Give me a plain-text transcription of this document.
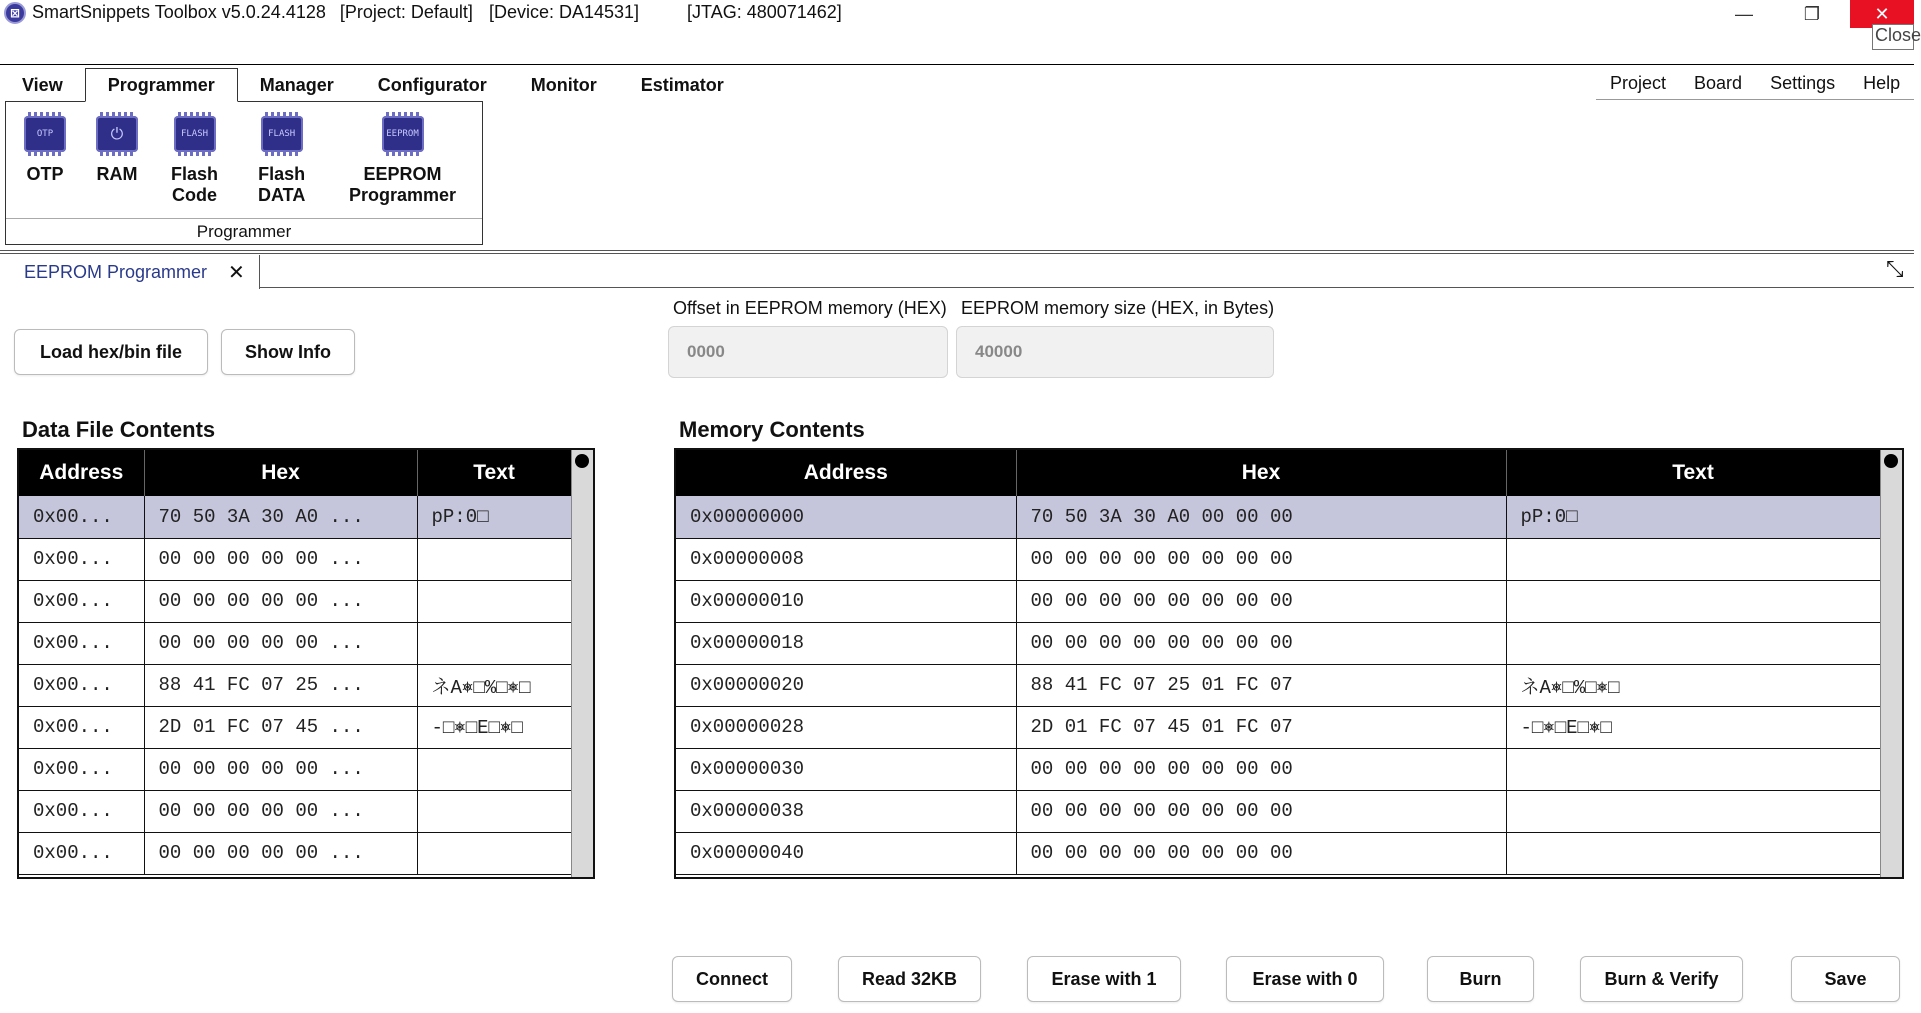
⊠ SmartSnippets Toolbox v5.0.24.4128 [Project: Default] [Device: DA14531]	[JTAG: 480071462]	—	❐	✕
Close
View	Programmer	Manager	Configurator	Monitor	Estimator	Project	Board	Settings	Help
OTP
OTP
⏻
RAM
FLASH
Flash
Code
FLASH
Flash
DATA
EEPROM
EEPROM
Programmer
Programmer
EEPROM Programmer ✕	⤡
Load hex/bin file	Show Info
Offset in EEPROM memory (HEX)
0000
EEPROM memory size (HEX, in Bytes)
40000
Data File Contents	Memory Contents
Address	Hex	Text
0x00...	70 50 3A 30 A0 ...	pP:0□
0x00...	00 00 00 00 00 ...	
0x00...	00 00 00 00 00 ...	
0x00...	00 00 00 00 00 ...	
0x00...	88 41 FC 07 25 ...	ネA⎈□%□⎈□
0x00...	2D 01 FC 07 45 ...	-□⎈□E□⎈□
0x00...	00 00 00 00 00 ...	
0x00...	00 00 00 00 00 ...	
0x00...	00 00 00 00 00 ...	
Address	Hex	Text
0x00000000	70 50 3A 30 A0 00 00 00	pP:0□
0x00000008	00 00 00 00 00 00 00 00	
0x00000010	00 00 00 00 00 00 00 00	
0x00000018	00 00 00 00 00 00 00 00	
0x00000020	88 41 FC 07 25 01 FC 07	ネA⎈□%□⎈□
0x00000028	2D 01 FC 07 45 01 FC 07	-□⎈□E□⎈□
0x00000030	00 00 00 00 00 00 00 00	
0x00000038	00 00 00 00 00 00 00 00	
0x00000040	00 00 00 00 00 00 00 00	
Connect	Read 32KB	Erase with 1	Erase with 0	Burn	Burn & Verify	Save
